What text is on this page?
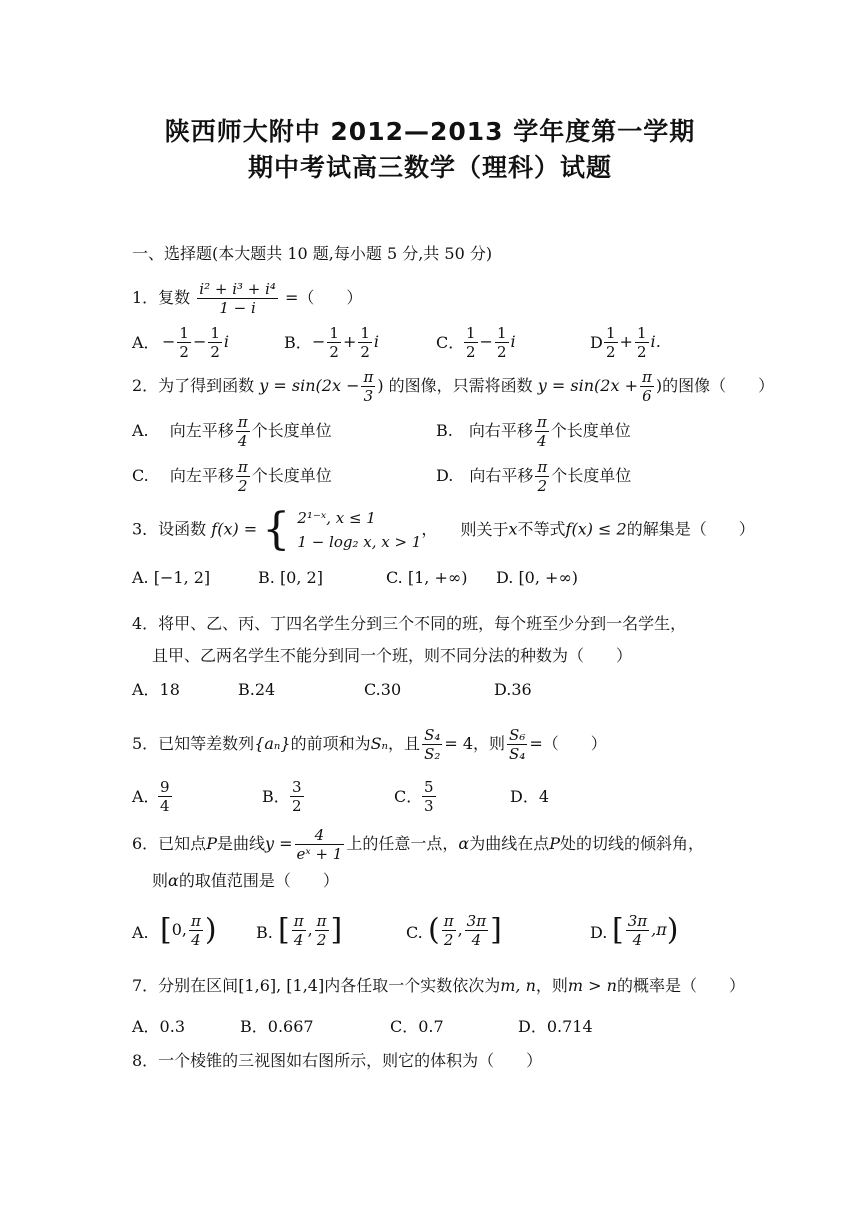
陕西师大附中 2012—2013 学年度第一学期
期中考试高三数学（理科）试题
一、选择题(本大题共 10 题,每小题 5 分,共 50 分)
1．复数 $\frac{\text{i² + i³ + i⁴}}{1 - i}$ =（　　）
A． − $\frac{1}{2} - \frac{1}{2}$ i	B． − $\frac{1}{2} + \frac{1}{2}$ i	C． $\frac{1}{2} - \frac{1}{2}$ i	D $\frac{1}{2} + \frac{1}{2}$ i．
2．为了得到函数 $y = \sin(2x - \frac{\pi}{3}$ ) 的图像，只需将函数 $y = \sin(2x + \frac{\pi}{6}$ )的图像（　　）
A.　 向左平移 $\frac{\pi}{4}$ 个长度单位	B.　向右平移 $\frac{\pi}{4}$ 个长度单位
C.　 向左平移 $\frac{\pi}{2}$ 个长度单位	D.　向右平移 $\frac{\pi}{2}$ 个长度单位
3．设函数 f(x) = { 2¹⁻ˣ, x ≤ 1
1 − log₂ x, x > 1
， 则关于x不等式f(x) ≤ 2的解集是（　　）
A. [−1, 2]	B. [0, 2]	C. [1, +∞) D. [0, +∞)
4．将甲、乙、丙、丁四名学生分到三个不同的班，每个班至少分到一名学生，
且甲、乙两名学生不能分到同一个班，则不同分法的种数为（　　）
A．18	B.24	C.30	D.36
5．已知等差数列{aₙ}的前项和为Sₙ，且 $\frac{\text{S₄}}{\text{S₂}} = 4$，则 $\frac{\text{S₆}}{\text{S₄}}$ =（　　）
A．
$\frac{9}{4}$	B． $\frac{3}{2}$	C． $\frac{5}{3}$	D．4
6．已知点P是曲线$y = \frac{4}{\text{eˣ + 1}}$ 上的任意一点，α为曲线在点P处的切线的倾斜角，
则α的取值范围是（　　）
A. [0, $\frac{\pi}{4}$ ) B. [ $\frac{\pi}{4}$ , $\frac{\pi}{2}$ ]	C. ( $\frac{\pi}{2}$ , $\frac{3\pi}{4}$ ]	D. [ $\frac{3\pi}{4} ,\pi$)
7．分别在区间[1,6], [1,4]内各任取一个实数依次为m, n，则m > n的概率是（　　）
A．0.3	B．0.667	C．0.7	D．0.714
8．一个棱锥的三视图如右图所示，则它的体积为（　　）
